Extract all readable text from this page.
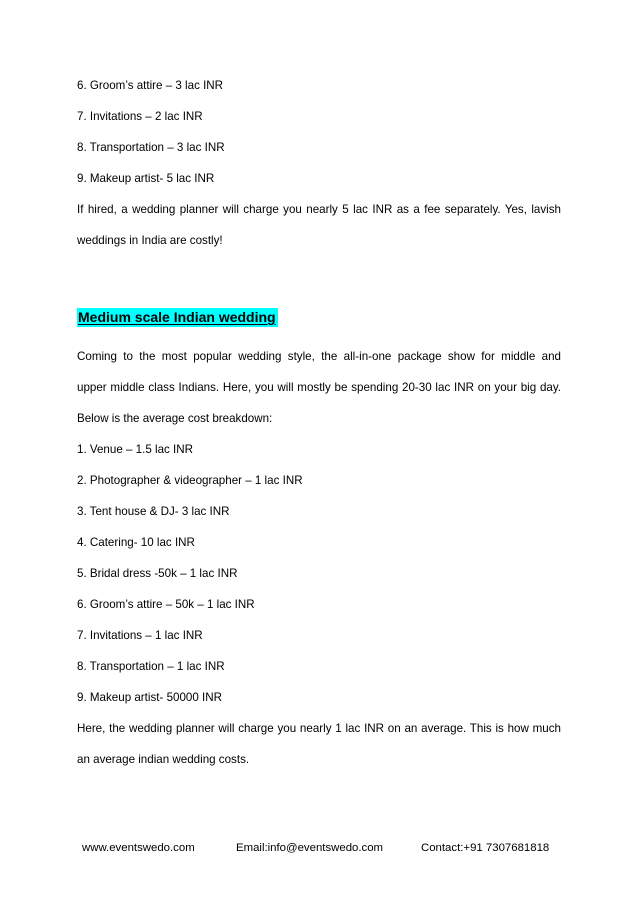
6. Groom’s attire – 3 lac INR
7. Invitations – 2 lac INR
8. Transportation – 3 lac INR
9. Makeup artist- 5 lac INR
If hired, a wedding planner will charge you nearly 5 lac INR as a fee separately. Yes, lavish
weddings in India are costly!
Medium scale Indian wedding
Coming to the most popular wedding style, the all-in-one package show for middle and
upper middle class Indians. Here, you will mostly be spending 20-30 lac INR on your big day.
Below is the average cost breakdown:
1. Venue – 1.5 lac INR
2. Photographer & videographer – 1 lac INR
3. Tent house & DJ- 3 lac INR
4. Catering- 10 lac INR
5. Bridal dress -50k – 1 lac INR
6. Groom’s attire – 50k – 1 lac INR
7. Invitations – 1 lac INR
8. Transportation – 1 lac INR
9. Makeup artist- 50000 INR
Here, the wedding planner will charge you nearly 1 lac INR on an average. This is how much
an average indian wedding costs.
www.eventswedo.com	Email:info@eventswedo.com	Contact:+91 7307681818
